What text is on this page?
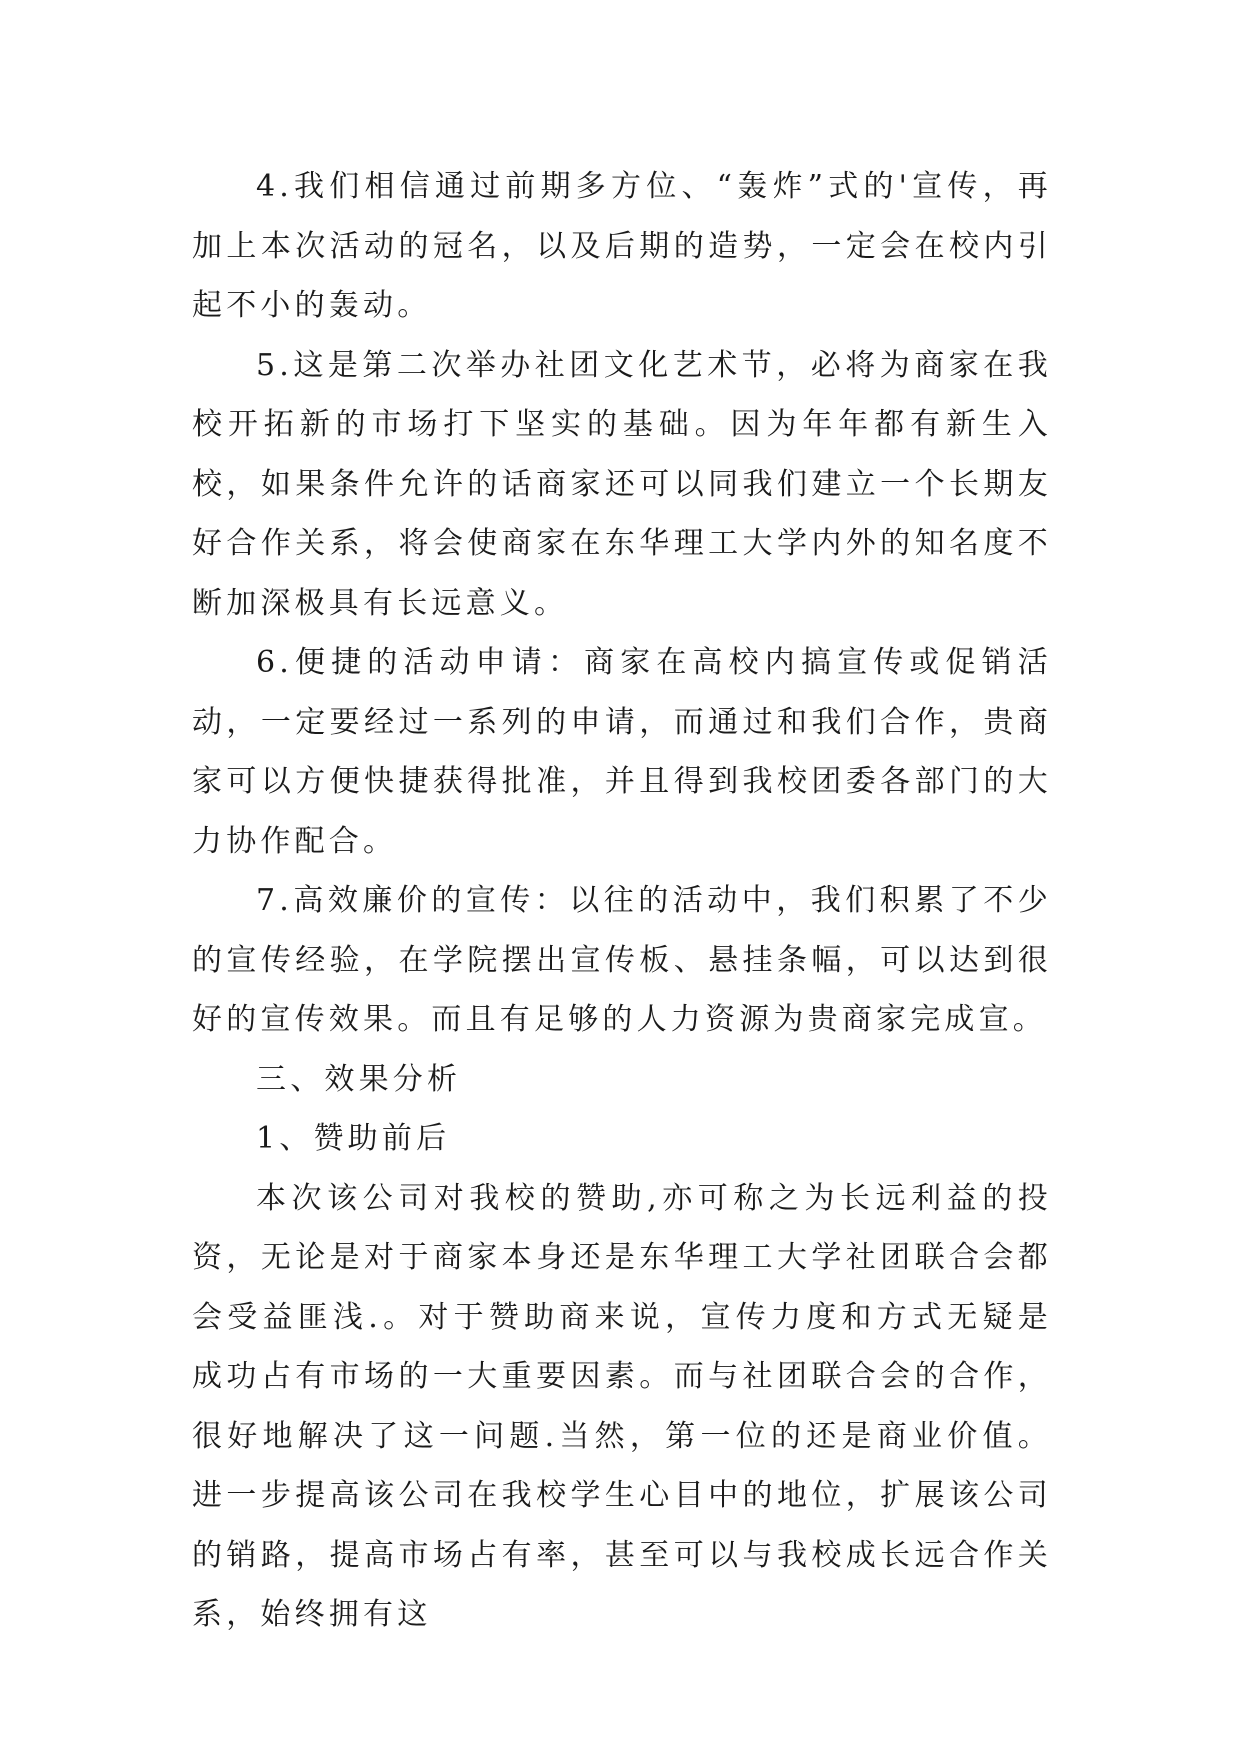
4.我们相信通过前期多方位、“轰炸”式的'宣传，再加上本次活动的冠名，以及后期的造势，一定会在校内引起不小的轰动。

5.这是第二次举办社团文化艺术节，必将为商家在我校开拓新的市场打下坚实的基础。因为年年都有新生入校，如果条件允许的话商家还可以同我们建立一个长期友好合作关系，将会使商家在东华理工大学内外的知名度不断加深极具有长远意义。

6.便捷的活动申请：商家在高校内搞宣传或促销活动，一定要经过一系列的申请，而通过和我们合作，贵商家可以方便快捷获得批准，并且得到我校团委各部门的大力协作配合。

7.高效廉价的宣传：以往的活动中，我们积累了不少的宣传经验，在学院摆出宣传板、悬挂条幅，可以达到很好的宣传效果。而且有足够的人力资源为贵商家完成宣。

三、效果分析

1、赞助前后

本次该公司对我校的赞助,亦可称之为长远利益的投资，无论是对于商家本身还是东华理工大学社团联合会都会受益匪浅.。对于赞助商来说，宣传力度和方式无疑是成功占有市场的一大重要因素。而与社团联合会的合作，很好地解决了这一问题.当然，第一位的还是商业价值。进一步提高该公司在我校学生心目中的地位，扩展该公司的销路，提高市场占有率，甚至可以与我校成长远合作关系，始终拥有这
